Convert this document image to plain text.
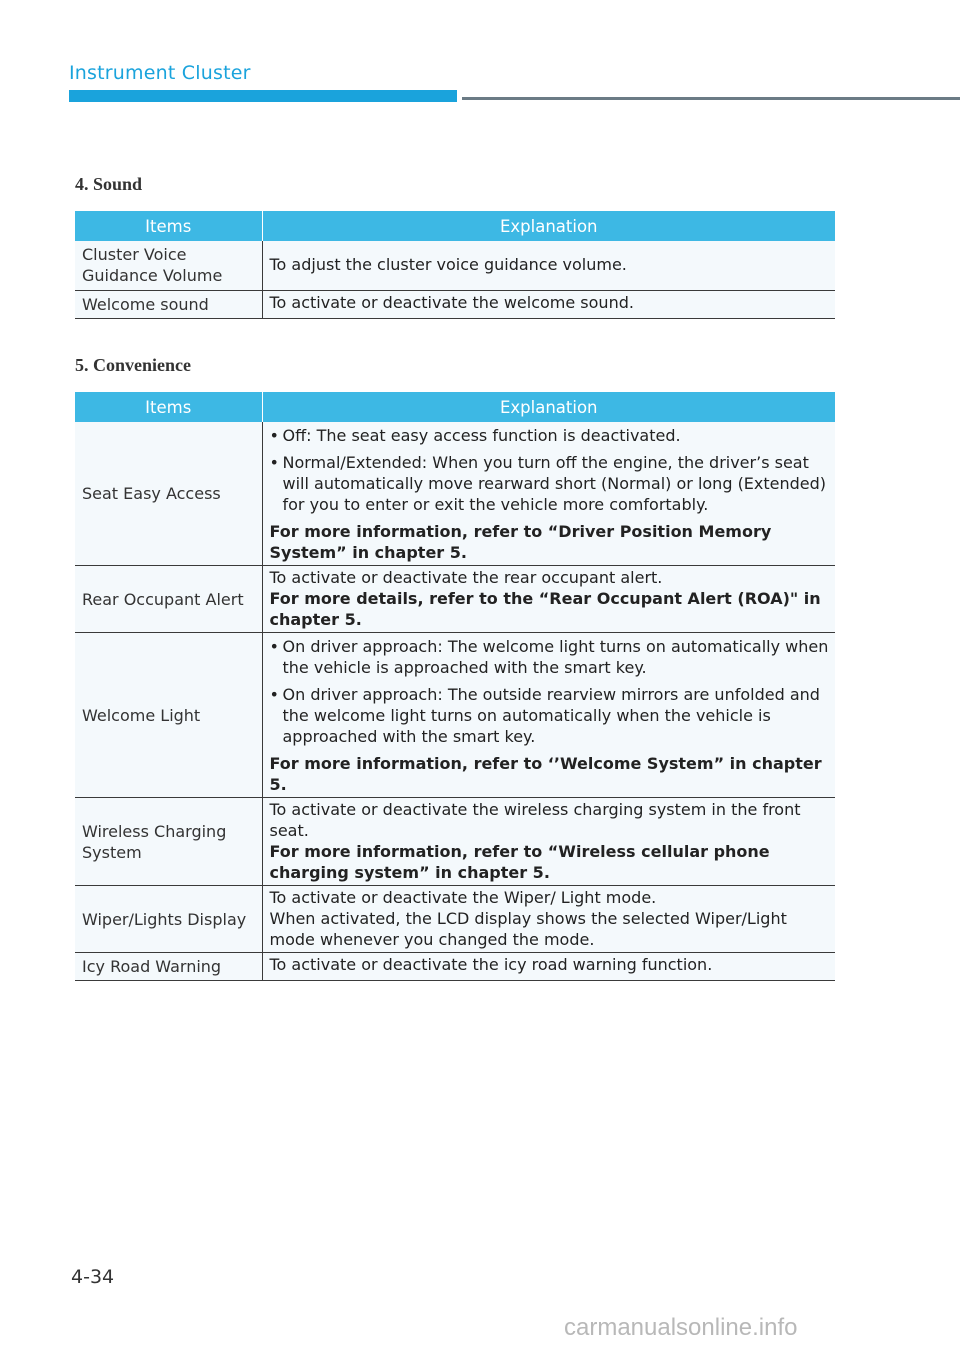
Instrument Cluster
4. Sound
Items	Explanation
Cluster Voice Guidance Volume	To adjust the cluster voice guidance volume.
Welcome sound	To activate or deactivate the welcome sound.
5. Convenience
Items	Explanation
Seat Easy Access	• Off: The seat easy access function is deactivated.
• Normal/Extended: When you turn off the engine, the driver’s seat will automatically move rearward short (Normal) or long (Extended) for you to enter or exit the vehicle more comfortably.
For more information, refer to “Driver Position Memory System” in chapter 5.

Rear Occupant Alert	To activate or deactivate the rear occupant alert.
For more details, refer to the “Rear Occupant Alert (ROA)" in chapter 5.

Welcome Light	• On driver approach: The welcome light turns on automatically when the vehicle is approached with the smart key.
• On driver approach: The outside rearview mirrors are unfolded and the welcome light turns on automatically when the vehicle is approached with the smart key.
For more information, refer to ‘’Welcome System” in chapter 5.

Wireless Charging System	To activate or deactivate the wireless charging system in the front seat.
For more information, refer to “Wireless cellular phone charging system” in chapter 5.

Wiper/Lights Display	To activate or deactivate the Wiper/ Light mode.
When activated, the LCD display shows the selected Wiper/Light mode whenever you changed the mode.

Icy Road Warning	To activate or deactivate the icy road warning function.
4-34
carmanualsonline.info
